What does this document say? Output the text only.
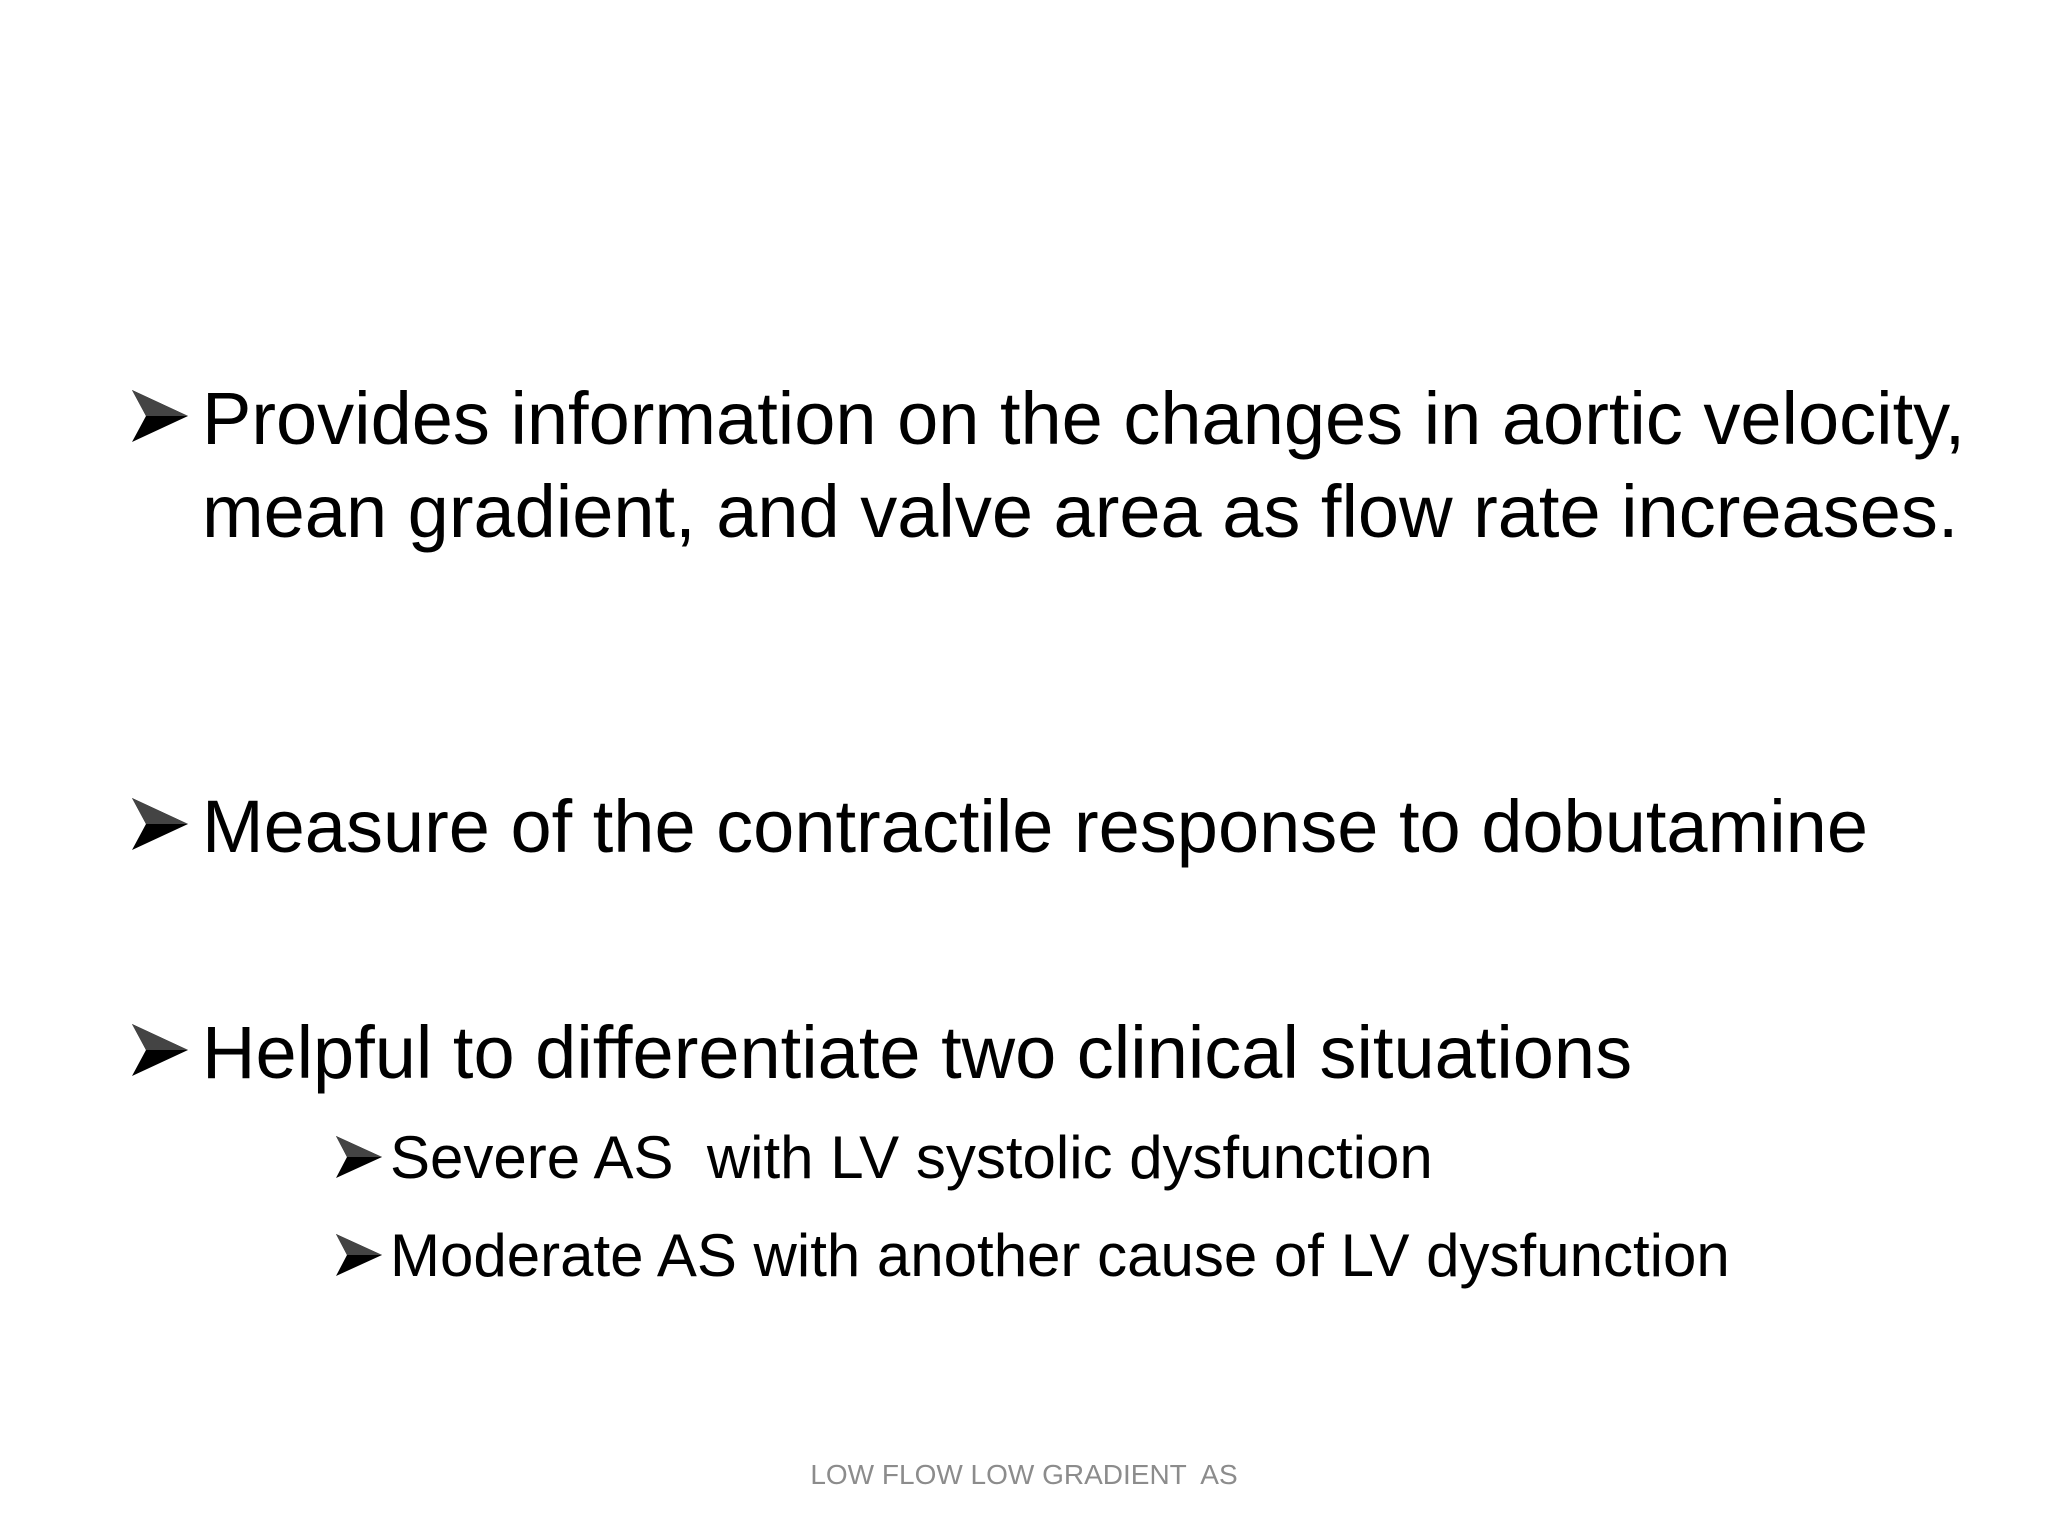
Provides information on the changes in aortic velocity, mean gradient, and valve area as flow rate increases.
Measure of the contractile response to dobutamine
Helpful to differentiate two clinical situations
Severe AS  with LV systolic dysfunction
Moderate AS with another cause of LV dysfunction
LOW FLOW LOW GRADIENT  AS
